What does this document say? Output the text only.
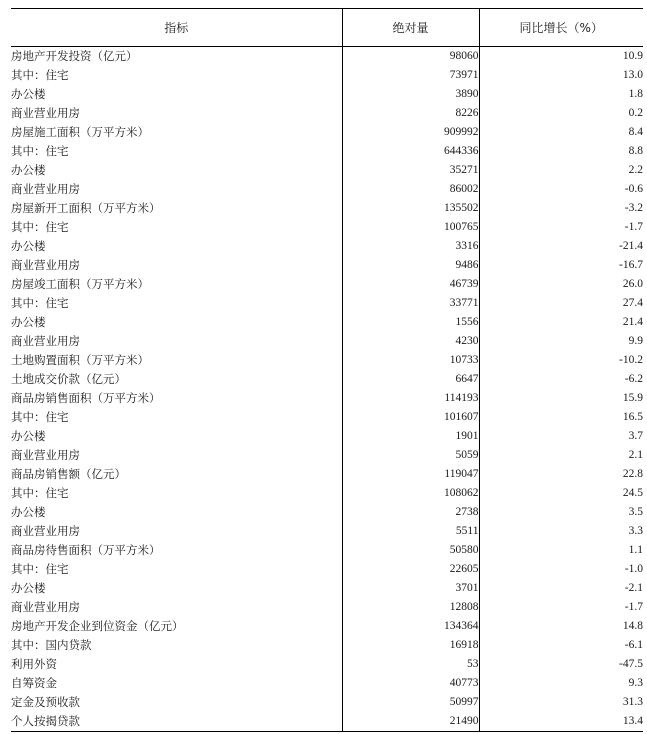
指标	绝对量	同比增长（%）
房地产开发投资（亿元）	98060	10.9
其中：住宅	73971	13.0
办公楼	3890	1.8
商业营业用房	8226	0.2
房屋施工面积（万平方米）	909992	8.4
其中：住宅	644336	8.8
办公楼	35271	2.2
商业营业用房	86002	-0.6
房屋新开工面积（万平方米）	135502	-3.2
其中：住宅	100765	-1.7
办公楼	3316	-21.4
商业营业用房	9486	-16.7
房屋竣工面积（万平方米）	46739	26.0
其中：住宅	33771	27.4
办公楼	1556	21.4
商业营业用房	4230	9.9
土地购置面积（万平方米）	10733	-10.2
土地成交价款（亿元）	6647	-6.2
商品房销售面积（万平方米）	114193	15.9
其中：住宅	101607	16.5
办公楼	1901	3.7
商业营业用房	5059	2.1
商品房销售额（亿元）	119047	22.8
其中：住宅	108062	24.5
办公楼	2738	3.5
商业营业用房	5511	3.3
商品房待售面积（万平方米）	50580	1.1
其中：住宅	22605	-1.0
办公楼	3701	-2.1
商业营业用房	12808	-1.7
房地产开发企业到位资金（亿元）	134364	14.8
其中：国内贷款	16918	-6.1
利用外资	53	-47.5
自筹资金	40773	9.3
定金及预收款	50997	31.3
个人按揭贷款	21490	13.4
